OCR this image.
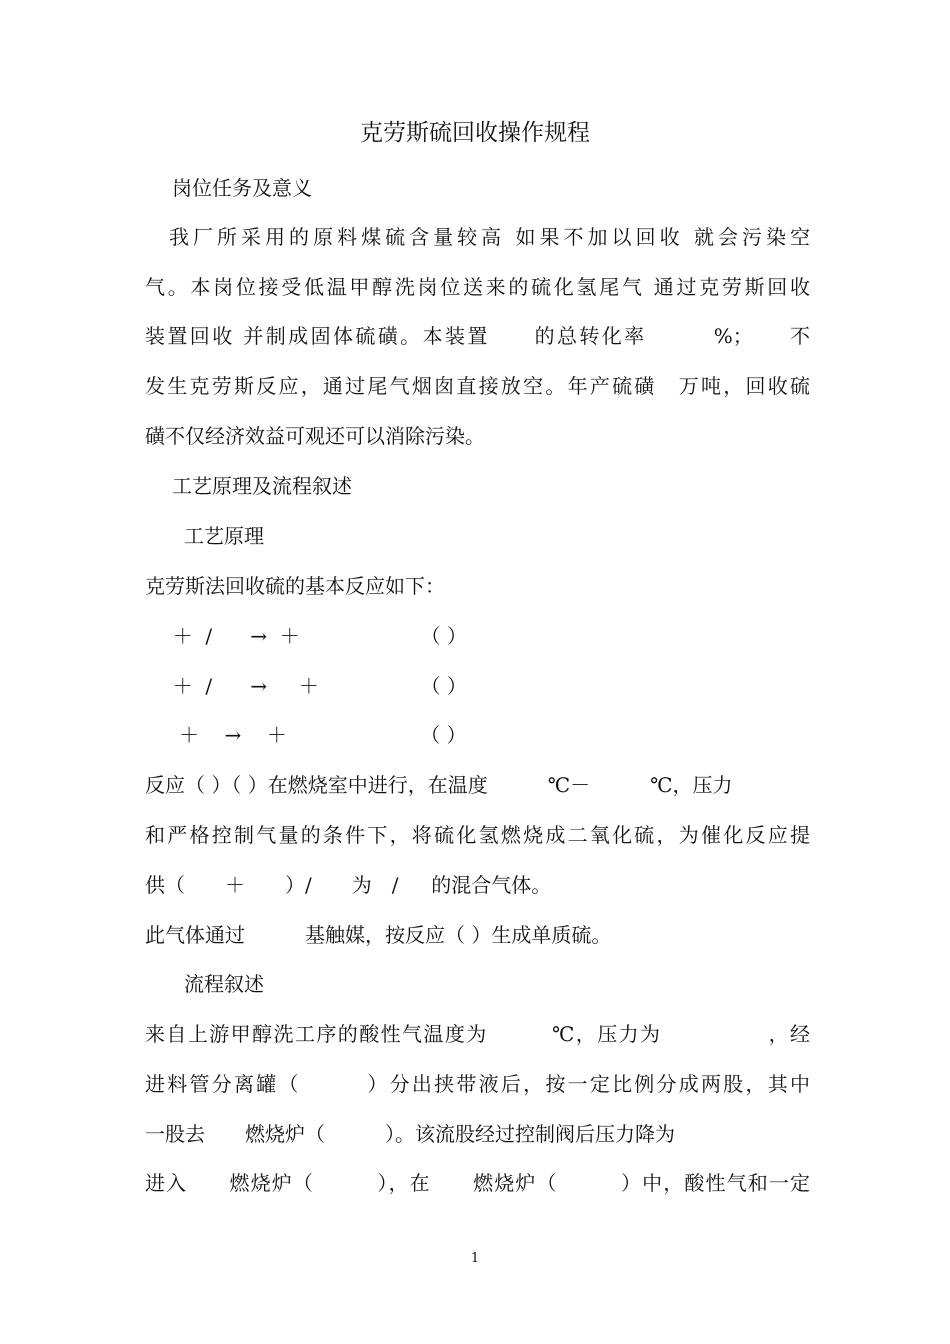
克劳斯硫回收操作规程
岗位任务及意义
　我厂所采用的原料煤硫含量较高 如果不加以回收 就会污染空
气。本岗位接受低温甲醇洗岗位送来的硫化氢尾气 通过克劳斯回收
装置回收 并制成固体硫磺。本装置　　的总转化率　　　%；　　不
发生克劳斯反应，通过尾气烟囱直接放空。年产硫磺　万吨，回收硫
磺不仅经济效益可观还可以消除污染。
工艺原理及流程叙述
工艺原理
克劳斯法回收硫的基本反应如下：
＋  /      →  ＋                   （ ）
＋  /      →     ＋                （ ）
＋    →    ＋                     （ ）
反应（ ）（ ）在燃烧室中进行，在温度　　　℃－　　　℃，压力
和严格控制气量的条件下，将硫化氢燃烧成二氧化硫，为催化反应提
供（　　＋　　）/　　为　/　  的混合气体。
此气体通过　　　基触媒，按反应（ ）生成单质硫。
流程叙述
来自上游甲醇洗工序的酸性气温度为　　　℃，压力为　　　　　，经
进料管分离罐（　　　）分出挟带液后，按一定比例分成两股，其中
一股去　　燃烧炉（　　　）。该流股经过控制阀后压力降为
进入　　燃烧炉（　　　），在　　燃烧炉（　　　）中，酸性气和一定
1
